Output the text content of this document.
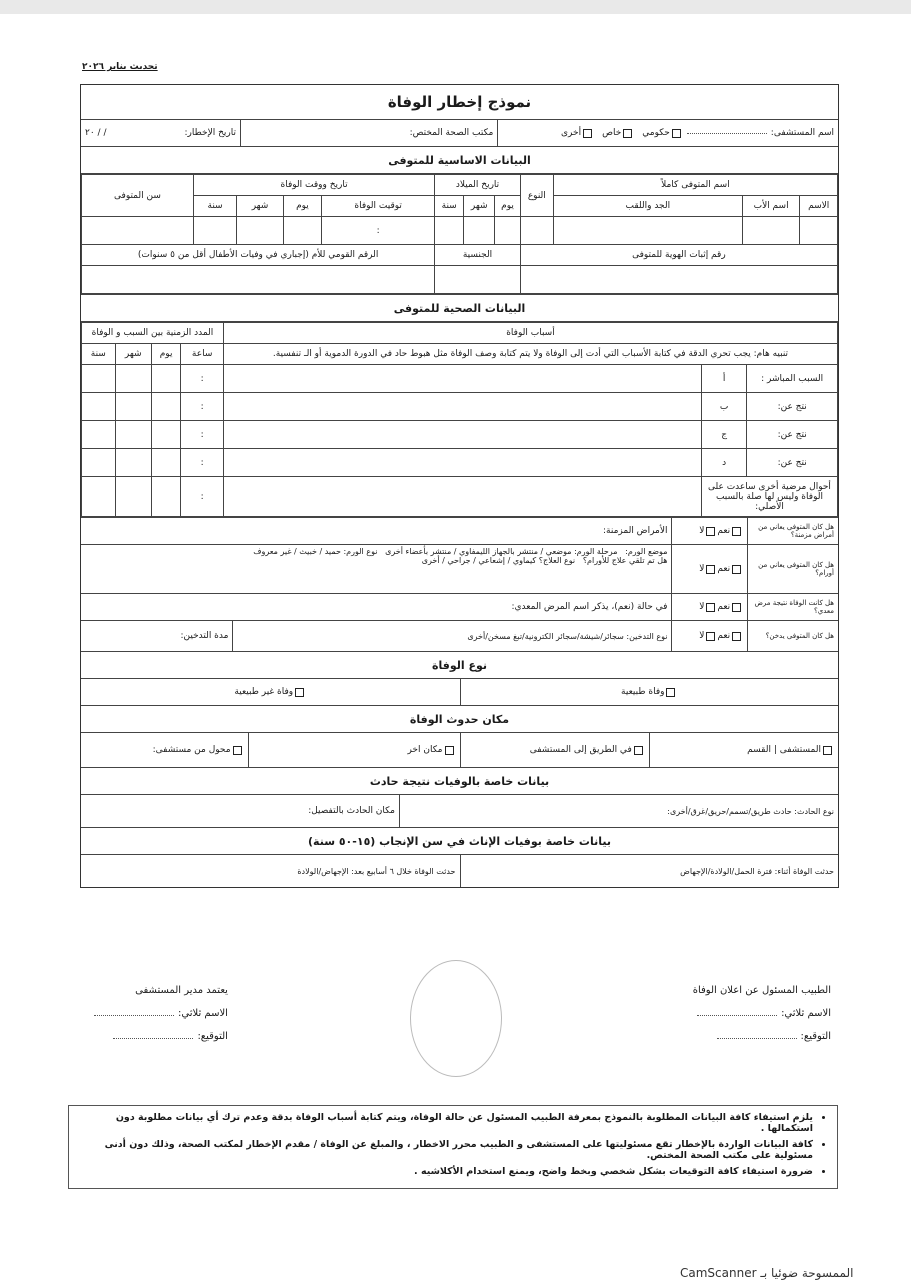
تحديث يناير ٢٠٢٦
نموذج إخطار الوفاة
اسم المستشفى:
حكومي
خاص
أخرى
مكتب الصحة المختص:
تاريخ الإخطار:
/ / ٢٠
البيانات الاساسية للمتوفى
اسم المتوفى كاملاً			النوع	تاريخ الميلاد			تاريخ ووقت الوفاة				سن المتوفى
الاسم	اسم الأب	الجد واللقب		يوم	شهر	سنة	توقيت الوفاة	يوم	شهر	سنة	
							:				
رقم إثبات الهوية للمتوفى				الجنسية			الرقم القومي للأم (إجباري في وفيات الأطفال أقل من ٥ سنوات)				

البيانات الصحية للمتوفى
أسباب الوفاة			المدد الزمنية بين السبب و الوفاة			
تنبيه هام: يجب تحري الدقة في كتابة الأسباب التي أدت إلى الوفاة ولا يتم كتابة وصف الوفاة مثل هبوط حاد في الدورة الدموية أو الـ تنفسية.			ساعة	يوم	شهر	سنة
السبب المباشر :	أ		:			
نتج عن:	ب		:			
نتج عن:	ج		:			
نتج عن:	د		:			
أحوال مرضية أخرى ساعدت على الوفاة وليس لها صلة بالسبب الأصلي:			:			
هل كان المتوفى يعاني من أمراض مزمنة؟
نعم
لا
الأمراض المزمنة:
هل كان المتوفى يعاني من أورام؟
نعم
لا
موضع الورم:   مرحلة الورم: موضعي / منتشر بالجهاز الليمفاوي / منتشر بأعضاء أخرى   نوع الورم: حميد / خبيث / غير معروف
هل تم تلقي علاج للأورام؟   نوع العلاج؟ كيماوي / إشعاعي / جراحي / أخرى
هل كانت الوفاة نتيجة مرض معدي؟
نعم
لا
في حالة (نعم)، يذكر اسم المرض المعدي:
هل كان المتوفى يدخن؟
نعم
لا
نوع التدخين:

سجائر
/
شيشة
/
سجائر الكترونية
/
تبغ مسخن
/
أخرى
مدة التدخين:
نوع الوفاة
وفاة طبيعية
وفاة غير طبيعية
مكان حدوث الوفاة
المستشفى | القسم
في الطريق إلى المستشفى
مكان اخر
محول من مستشفى:
بيانات خاصة بالوفيات نتيجة حادث
نوع الحادث:

حادث طريق
/
تسمم
/
حريق
/
غرق
/
أخرى:
مكان الحادث بالتفصيل:
بيانات خاصة بوفيات الإناث في سن الإنجاب (١٥-٥٠ سنة)
حدثت الوفاة أثناء:

فترة الحمل
/
الولادة
/
الإجهاض
حدثت الوفاة خلال ٦ أسابيع بعد:

الإجهاض
/
الولادة
الطبيب المسئول عن اعلان الوفاة
الاسم ثلاثي:
التوقيع:
يعتمد مدير المستشفى
الاسم ثلاثي:
التوقيع:
• يلزم استيفاء كافة البيانات المطلوبة بالنموذج بمعرفة الطبيب المسئول عن حالة الوفاة، ويتم كتابة أسباب الوفاة بدقة وعدم ترك أي بيانات مطلوبة دون استكمالها .
• كافة البيانات الواردة بالإخطار تقع مسئوليتها على المستشفى و الطبيب محرر الاخطار ، والمبلغ عن الوفاة / مقدم الإخطار لمكتب الصحة، وذلك دون أدنى مسئولية على مكتب الصحة المختص.
• ضرورة استيفاء كافة التوقيعات بشكل شخصي وبخط واضح، ويمنع استخدام الأكلاشيه .
CamScanner الممسوحة ضوئيا بـ
